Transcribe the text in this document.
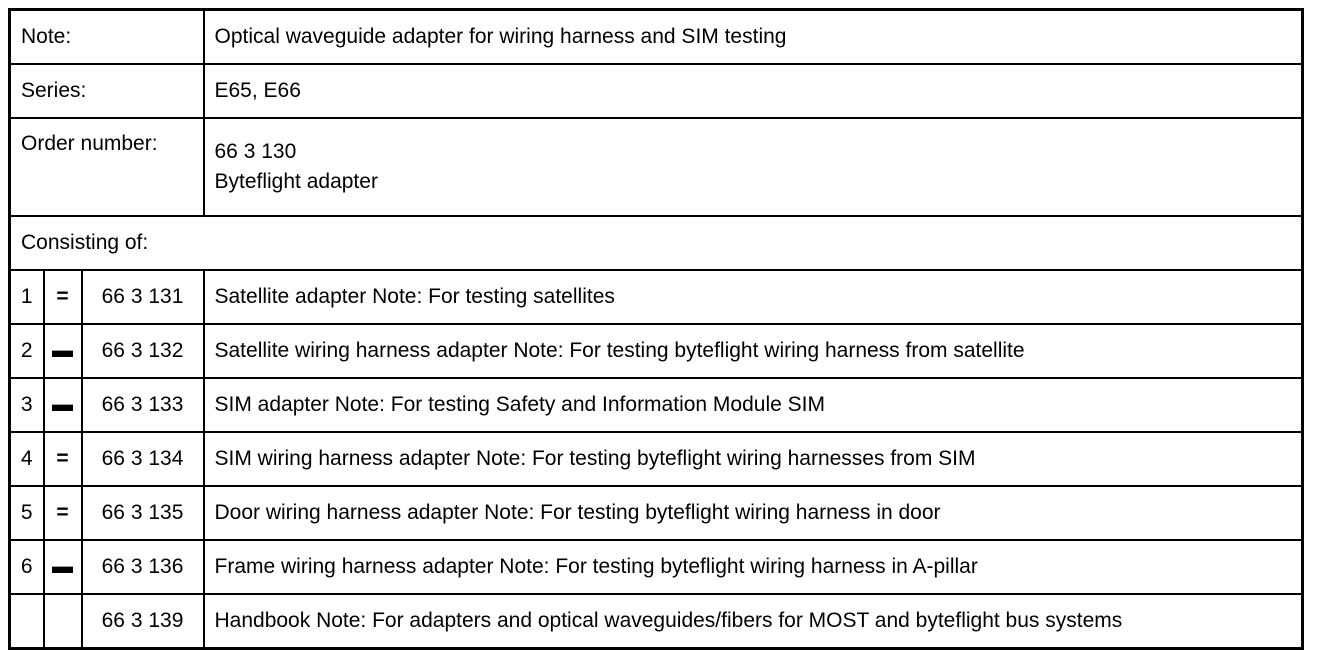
Note:			Optical waveguide adapter for wiring harness and SIM testing
Series:			E65, E66
Order number:			66 3 130
Byteflight adapter

Consisting of:			
1	=	66 3 131	Satellite adapter Note: For testing satellites
2	▬	66 3 132	Satellite wiring harness adapter Note: For testing byteflight wiring harness from satellite
3	▬	66 3 133	SIM adapter Note: For testing Safety and Information Module SIM
4	=	66 3 134	SIM wiring harness adapter Note: For testing byteflight wiring harnesses from SIM
5	=	66 3 135	Door wiring harness adapter Note: For testing byteflight wiring harness in door
6	▬	66 3 136	Frame wiring harness adapter Note: For testing byteflight wiring harness in A-pillar
		66 3 139	Handbook Note: For adapters and optical waveguides/fibers for MOST and byteflight bus systems
